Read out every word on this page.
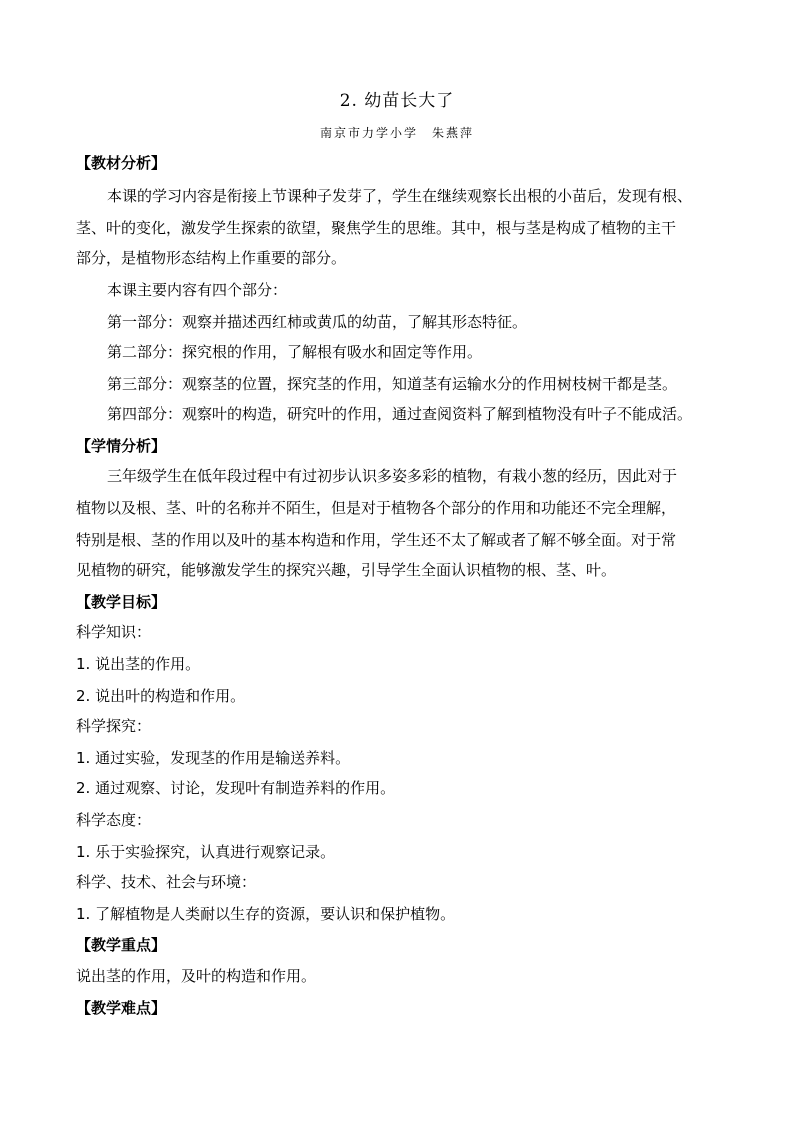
2. 幼苗长大了
南京市力学小学　朱燕萍
【教材分析】
本课的学习内容是衔接上节课种子发芽了，学生在继续观察长出根的小苗后，发现有根、
茎、叶的变化，激发学生探索的欲望，聚焦学生的思维。其中，根与茎是构成了植物的主干
部分，是植物形态结构上作重要的部分。
本课主要内容有四个部分：
第一部分：观察并描述西红柿或黄瓜的幼苗，了解其形态特征。
第二部分：探究根的作用，了解根有吸水和固定等作用。
第三部分：观察茎的位置，探究茎的作用，知道茎有运输水分的作用树枝树干都是茎。
第四部分：观察叶的构造，研究叶的作用，通过查阅资料了解到植物没有叶子不能成活。
【学情分析】
三年级学生在低年段过程中有过初步认识多姿多彩的植物，有栽小葱的经历，因此对于
植物以及根、茎、叶的名称并不陌生，但是对于植物各个部分的作用和功能还不完全理解，
特别是根、茎的作用以及叶的基本构造和作用，学生还不太了解或者了解不够全面。对于常
见植物的研究，能够激发学生的探究兴趣，引导学生全面认识植物的根、茎、叶。
【教学目标】
科学知识：
1. 说出茎的作用。
2. 说出叶的构造和作用。
科学探究：
1. 通过实验，发现茎的作用是输送养料。
2. 通过观察、讨论，发现叶有制造养料的作用。
科学态度：
1. 乐于实验探究，认真进行观察记录。
科学、技术、社会与环境：
1. 了解植物是人类耐以生存的资源，要认识和保护植物。
【教学重点】
说出茎的作用，及叶的构造和作用。
【教学难点】
